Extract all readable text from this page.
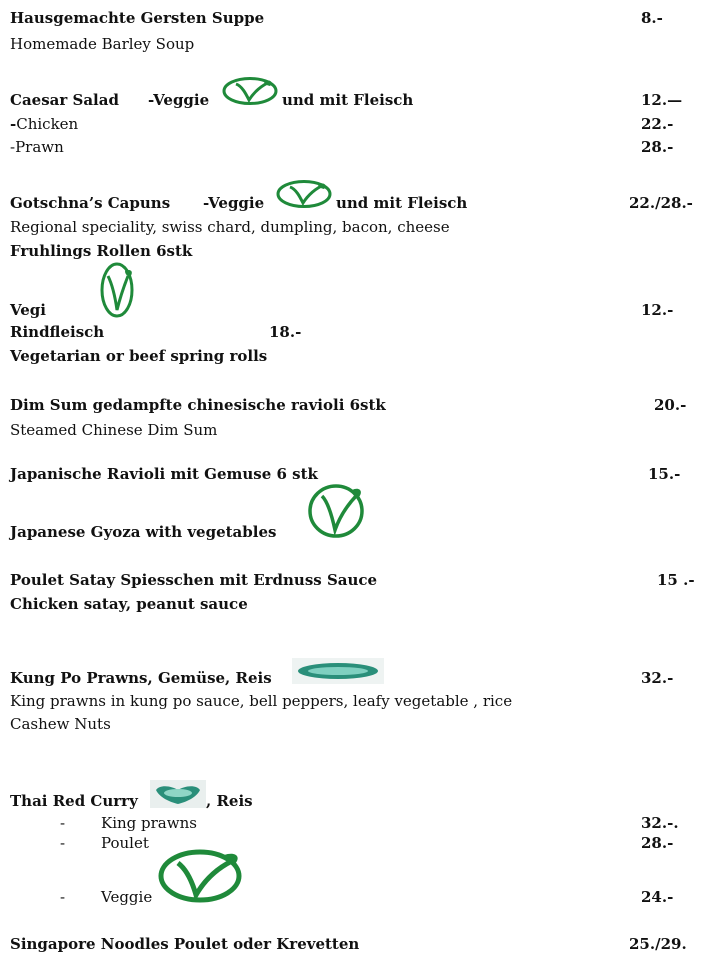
Hausgemachte Gersten Suppe	8.-
Homemade Barley Soup
Caesar Salad -Veggie	und mit Fleisch	12.—
-Chicken	22.-
-Prawn	28.-
Gotschna’s Capuns -Veggie	und mit Fleisch	22./28.-
Regional speciality, swiss chard, dumpling, bacon, cheese
Fruhlings Rollen 6stk
Vegi	12.-
Rindfleisch	18.-
Vegetarian or beef spring rolls
Dim Sum gedampfte chinesische ravioli 6stk	20.-
Steamed Chinese Dim Sum
Japanische Ravioli mit Gemuse 6 stk	15.-
Japanese Gyoza with vegetables
Poulet Satay Spiesschen mit Erdnuss Sauce	15 .-
Chicken satay, peanut sauce
Kung Po Prawns, Gemüse, Reis	32.-
King prawns in kung po sauce, bell peppers, leafy vegetable , rice
Cashew Nuts
Thai Red Curry	, Reis
- King prawns	32.-.
- Poulet	28.-
- Veggie	24.-
Singapore Noodles Poulet oder Krevetten	25./29.
